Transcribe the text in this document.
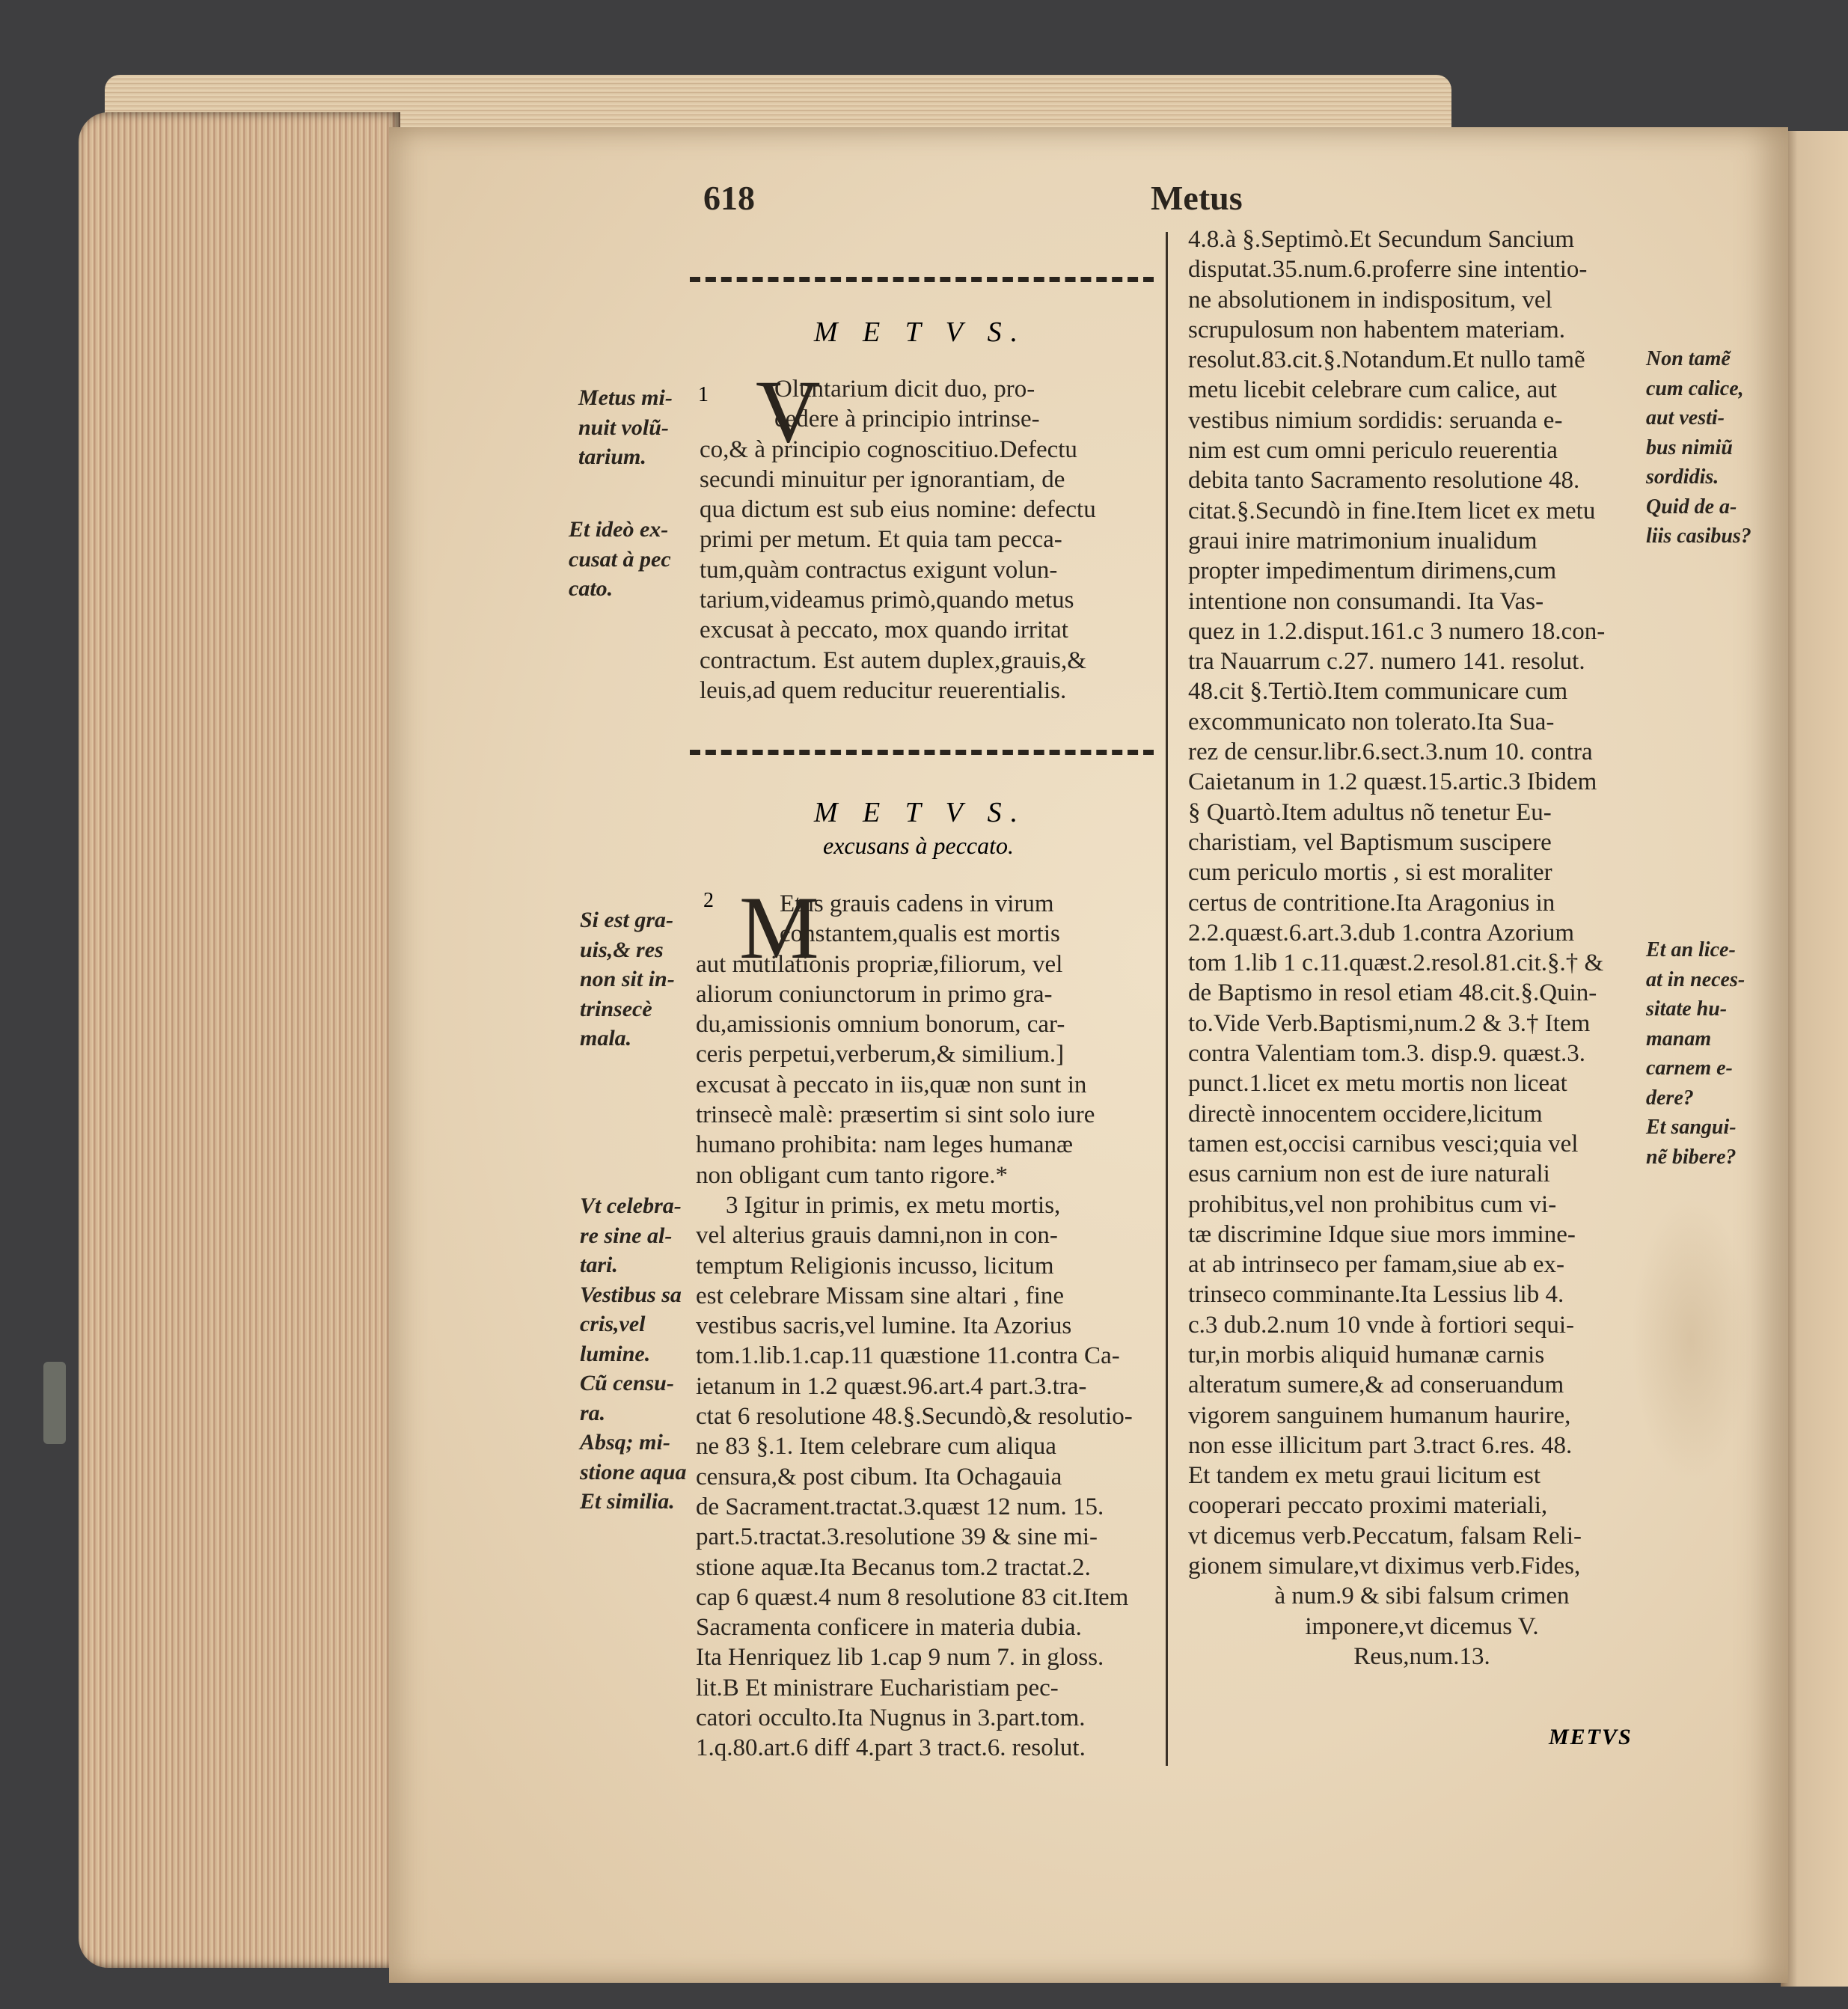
618	Metus
M E T V S.
1 V
Oluntarium dicit duo, pro-
cedere à principio intrinse-
co,& à principio cognoscitiuo.Defectu
secundi minuitur per ignorantiam, de
qua dictum est sub eius nomine: defectu
primi per metum. Et quia tam pecca-
tum,quàm contractus exigunt volun-
tarium,videamus primò,quando metus
excusat à peccato, mox quando irritat
contractum. Est autem duplex,grauis,&
leuis,ad quem reducitur reuerentialis.
M E T V S.
excusans à peccato.
2 M
Etus grauis cadens in virum
constantem,qualis est mortis
aut mutilationis propriæ,filiorum, vel
aliorum coniunctorum in primo gra-
du,amissionis omnium bonorum, car-
ceris perpetui,verberum,& similium.]
excusat à peccato in iis,quæ non sunt in
trinsecè malè: præsertim si sint solo iure
humano prohibita: nam leges humanæ
non obligant cum tanto rigore.*
3 Igitur in primis, ex metu mortis,
vel alterius grauis damni,non in con-
temptum Religionis incusso, licitum
est celebrare Missam sine altari , fine
vestibus sacris,vel lumine. Ita Azorius
tom.1.lib.1.cap.11 quæstione 11.contra Ca-
ietanum in 1.2 quæst.96.art.4 part.3.tra-
ctat 6 resolutione 48.§.Secundò,& resolutio-
ne 83 §.1. Item celebrare cum aliqua
censura,& post cibum. Ita Ochagauia
de Sacrament.tractat.3.quæst 12 num. 15.
part.5.tractat.3.resolutione 39 & sine mi-
stione aquæ.Ita Becanus tom.2 tractat.2.
cap 6 quæst.4 num 8 resolutione 83 cit.Item
Sacramenta conficere in materia dubia.
Ita Henriquez lib 1.cap 9 num 7. in gloss.
lit.B Et ministrare Eucharistiam pec-
catori occulto.Ita Nugnus in 3.part.tom.
1.q.80.art.6 diff 4.part 3 tract.6. resolut.
4.8.à §.Septimò.Et Secundum Sancium
disputat.35.num.6.proferre sine intentio-
ne absolutionem in indispositum, vel
scrupulosum non habentem materiam.
resolut.83.cit.§.Notandum.Et nullo tamẽ
metu licebit celebrare cum calice, aut
vestibus nimium sordidis: seruanda e-
nim est cum omni periculo reuerentia
debita tanto Sacramento resolutione 48.
citat.§.Secundò in fine.Item licet ex metu
graui inire matrimonium inualidum
propter impedimentum dirimens,cum
intentione non consumandi. Ita Vas-
quez in 1.2.disput.161.c 3 numero 18.con-
tra Nauarrum c.27. numero 141. resolut.
48.cit §.Tertiò.Item communicare cum
excommunicato non tolerato.Ita Sua-
rez de censur.libr.6.sect.3.num 10. contra
Caietanum in 1.2 quæst.15.artic.3 Ibidem
§ Quartò.Item adultus nõ tenetur Eu-
charistiam, vel Baptismum suscipere
cum periculo mortis , si est moraliter
certus de contritione.Ita Aragonius in
2.2.quæst.6.art.3.dub 1.contra Azorium
tom 1.lib 1 c.11.quæst.2.resol.81.cit.§.† &
de Baptismo in resol etiam 48.cit.§.Quin-
to.Vide Verb.Baptismi,num.2 & 3.† Item
contra Valentiam tom.3. disp.9. quæst.3.
punct.1.licet ex metu mortis non liceat
directè innocentem occidere,licitum
tamen est,occisi carnibus vesci;quia vel
esus carnium non est de iure naturali
prohibitus,vel non prohibitus cum vi-
tæ discrimine Idque siue mors immine-
at ab intrinseco per famam,siue ab ex-
trinseco comminante.Ita Lessius lib 4.
c.3 dub.2.num 10 vnde à fortiori sequi-
tur,in morbis aliquid humanæ carnis
alteratum sumere,& ad conseruandum
vigorem sanguinem humanum haurire,
non esse illicitum part 3.tract 6.res. 48.
Et tandem ex metu graui licitum est
cooperari peccato proximi materiali,
vt dicemus verb.Peccatum, falsam Reli-
gionem simulare,vt diximus verb.Fides,
à num.9 & sibi falsum crimen
imponere,vt dicemus V.
Reus,num.13.
METVS
Metus mi-
nuit volũ-
tarium.
Et ideò ex-
cusat à pec
cato.
Si est gra-
uis,& res
non sit in-
trinsecè
mala.
Vt celebra-
re sine al-
tari.
Vestibus sa
cris,vel
lumine.
Cũ censu-
ra.
Absq; mi-
stione aqua
Et similia.
Non tamẽ
cum calice,
aut vesti-
bus nimiũ
sordidis.
Quid de a-
liis casibus?
Et an lice-
at in neces-
sitate hu-
manam
carnem e-
dere?
Et sangui-
nẽ bibere?
